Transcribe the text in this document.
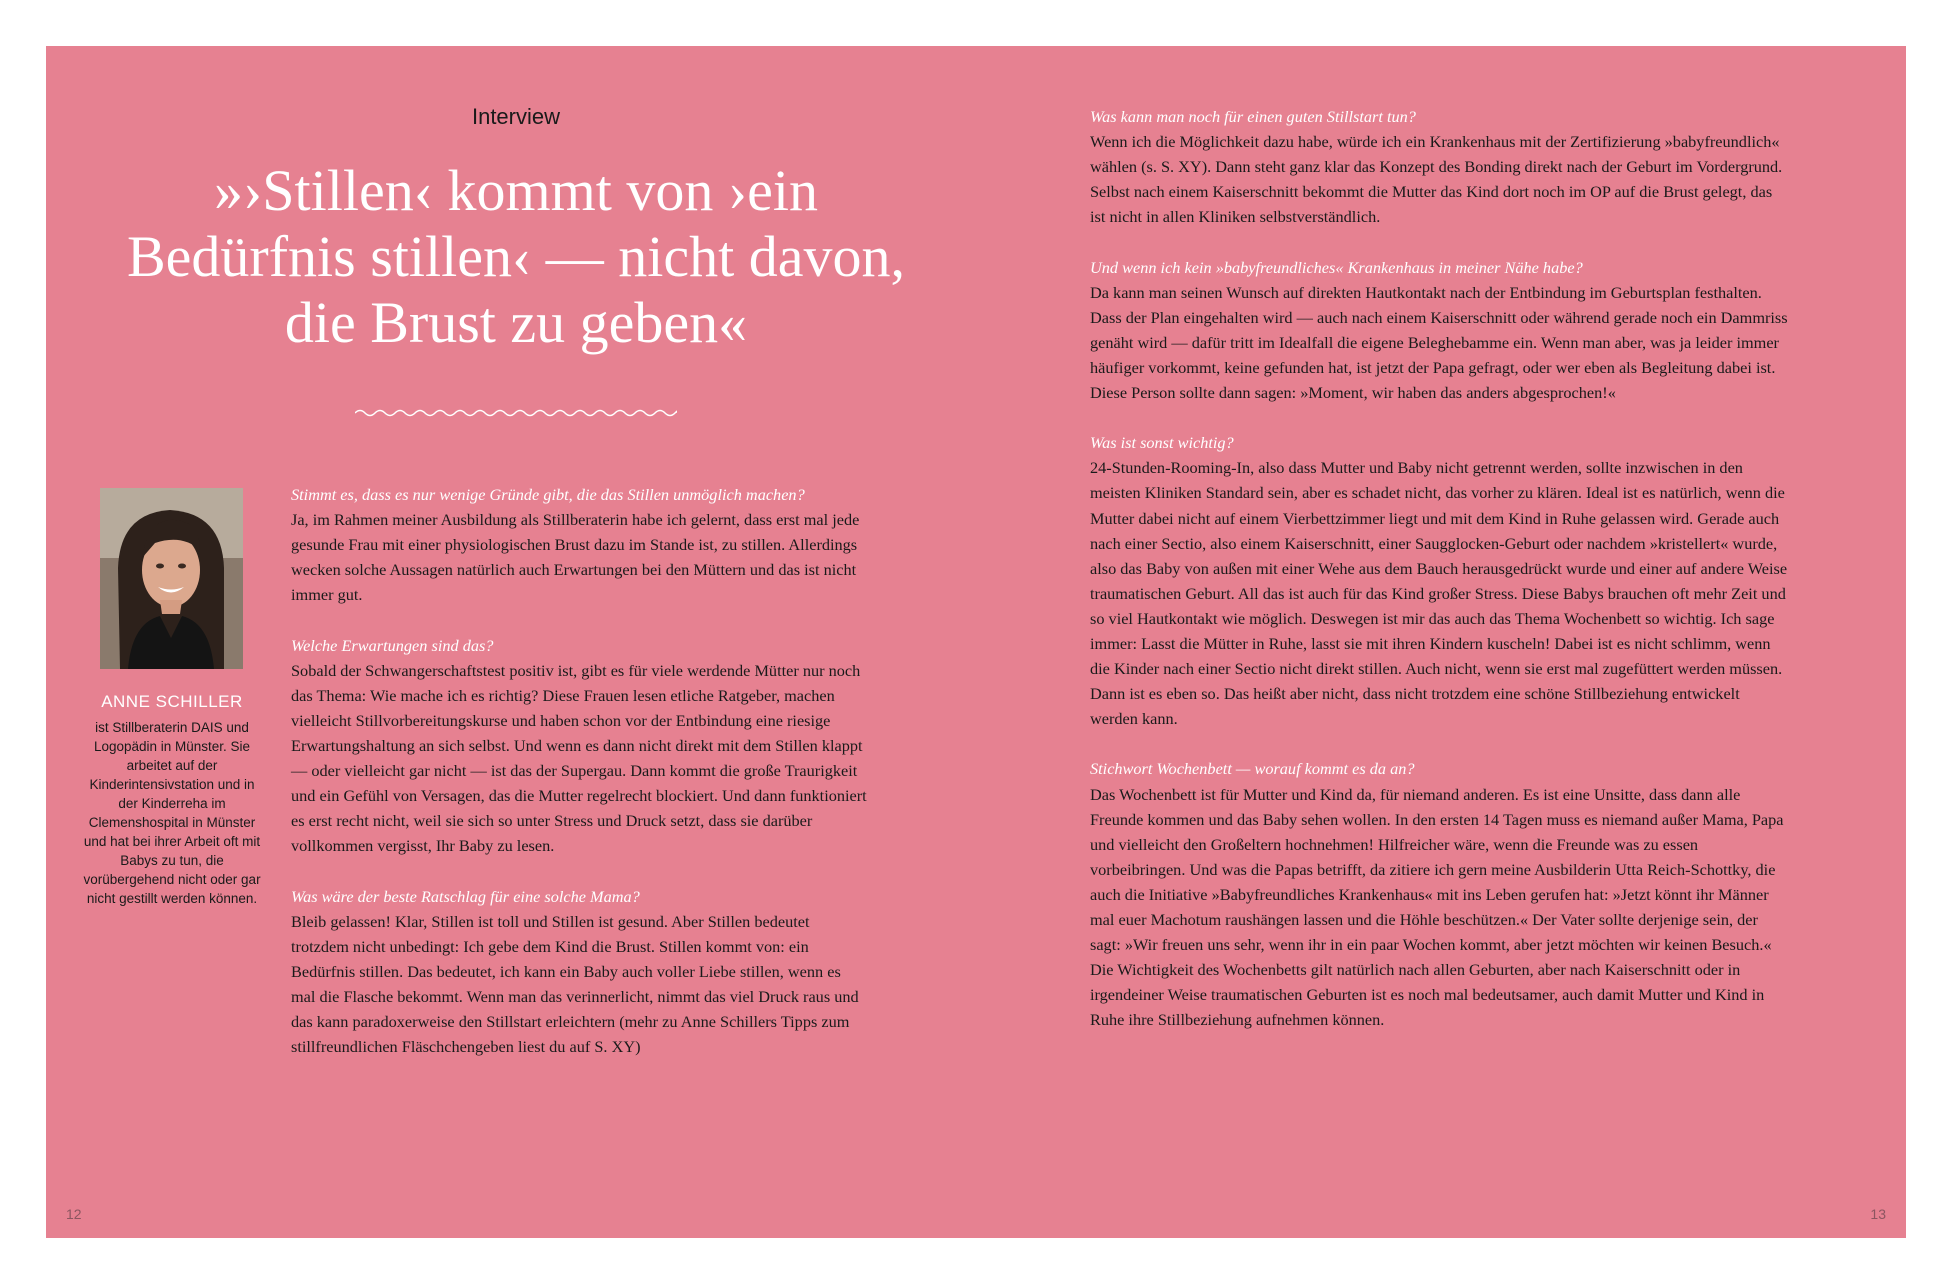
Interview
»›Stillen‹ kommt von ›ein Bedürfnis stillen‹ — nicht davon, die Brust zu geben«
ANNE SCHILLER

ist Stillberaterin DAIS und Logopädin in Münster. Sie arbeitet auf der Kinderintensivstation und in der Kinderreha im Clemenshospital in Münster und hat bei ihrer Arbeit oft mit Babys zu tun, die vorübergehend nicht oder gar nicht gestillt werden können.

Stimmt es, dass es nur wenige Gründe gibt, die das Stillen unmöglich machen?

Ja, im Rahmen meiner Ausbildung als Stillberaterin habe ich gelernt, dass erst mal jede gesunde Frau mit einer physiologischen Brust dazu im Stande ist, zu stillen. Allerdings wecken solche Aussagen natürlich auch Erwartungen bei den Müttern und das ist nicht immer gut.

Welche Erwartungen sind das?

Sobald der Schwangerschaftstest positiv ist, gibt es für viele werdende Mütter nur noch das Thema: Wie mache ich es richtig? Diese Frauen lesen etliche Ratgeber, machen vielleicht Stillvorbereitungskurse und haben schon vor der Entbindung eine riesige Erwartungshaltung an sich selbst. Und wenn es dann nicht direkt mit dem Stillen klappt — oder vielleicht gar nicht — ist das der Supergau. Dann kommt die große Traurigkeit und ein Gefühl von Versagen, das die Mutter regelrecht blockiert. Und dann funktioniert es erst recht nicht, weil sie sich so unter Stress und Druck setzt, dass sie darüber vollkommen vergisst, Ihr Baby zu lesen.

Was wäre der beste Ratschlag für eine solche Mama?

Bleib gelassen! Klar, Stillen ist toll und Stillen ist gesund. Aber Stillen bedeutet trotzdem nicht unbedingt: Ich gebe dem Kind die Brust. Stillen kommt von: ein Bedürfnis stillen. Das bedeutet, ich kann ein Baby auch voller Liebe stillen, wenn es mal die Flasche bekommt. Wenn man das verinnerlicht, nimmt das viel Druck raus und das kann paradoxerweise den Stillstart erleichtern (mehr zu Anne Schillers Tipps zum stillfreundlichen Fläschchengeben liest du auf S. XY)

12

Was kann man noch für einen guten Stillstart tun?

Wenn ich die Möglichkeit dazu habe, würde ich ein Krankenhaus mit der Zertifizierung »babyfreundlich« wählen (s. S. XY). Dann steht ganz klar das Konzept des Bonding direkt nach der Geburt im Vordergrund. Selbst nach einem Kaiserschnitt bekommt die Mutter das Kind dort noch im OP auf die Brust gelegt, das ist nicht in allen Kliniken selbstverständlich.

Und wenn ich kein »babyfreundliches« Krankenhaus in meiner Nähe habe?

Da kann man seinen Wunsch auf direkten Hautkontakt nach der Entbindung im Geburtsplan festhalten. Dass der Plan eingehalten wird — auch nach einem Kaiserschnitt oder während gerade noch ein Dammriss genäht wird — dafür tritt im Idealfall die eigene Beleghebamme ein. Wenn man aber, was ja leider immer häufiger vorkommt, keine gefunden hat, ist jetzt der Papa gefragt, oder wer eben als Begleitung dabei ist. Diese Person sollte dann sagen: »Moment, wir haben das anders abgesprochen!«

Was ist sonst wichtig?

24-Stunden-Rooming-In, also dass Mutter und Baby nicht getrennt werden, sollte inzwischen in den meisten Kliniken Standard sein, aber es schadet nicht, das vorher zu klären. Ideal ist es natürlich, wenn die Mutter dabei nicht auf einem Vierbettzimmer liegt und mit dem Kind in Ruhe gelassen wird. Gerade auch nach einer Sectio, also einem Kaiserschnitt, einer Saugglocken-Geburt oder nachdem »kristellert« wurde, also das Baby von außen mit einer Wehe aus dem Bauch herausgedrückt wurde und einer auf andere Weise traumatischen Geburt. All das ist auch für das Kind großer Stress. Diese Babys brauchen oft mehr Zeit und so viel Hautkontakt wie möglich. Deswegen ist mir das auch das Thema Wochenbett so wichtig. Ich sage immer: Lasst die Mütter in Ruhe, lasst sie mit ihren Kindern kuscheln! Dabei ist es nicht schlimm, wenn die Kinder nach einer Sectio nicht direkt stillen. Auch nicht, wenn sie erst mal zugefüttert werden müssen. Dann ist es eben so. Das heißt aber nicht, dass nicht trotzdem eine schöne Stillbeziehung entwickelt werden kann.

Stichwort Wochenbett — worauf kommt es da an?

Das Wochenbett ist für Mutter und Kind da, für niemand anderen. Es ist eine Unsitte, dass dann alle Freunde kommen und das Baby sehen wollen. In den ersten 14 Tagen muss es niemand außer Mama, Papa und vielleicht den Großeltern hochnehmen! Hilfreicher wäre, wenn die Freunde was zu essen vorbeibringen. Und was die Papas betrifft, da zitiere ich gern meine Ausbilderin Utta Reich-Schottky, die auch die Initiative »Babyfreundliches Krankenhaus« mit ins Leben gerufen hat: »Jetzt könnt ihr Männer mal euer Machotum raushängen lassen und die Höhle beschützen.« Der Vater sollte derjenige sein, der sagt: »Wir freuen uns sehr, wenn ihr in ein paar Wochen kommt, aber jetzt möchten wir keinen Besuch.« Die Wichtigkeit des Wochenbetts gilt natürlich nach allen Geburten, aber nach Kaiserschnitt oder in irgendeiner Weise traumatischen Geburten ist es noch mal bedeutsamer, auch damit Mutter und Kind in Ruhe ihre Stillbeziehung aufnehmen können.

13
